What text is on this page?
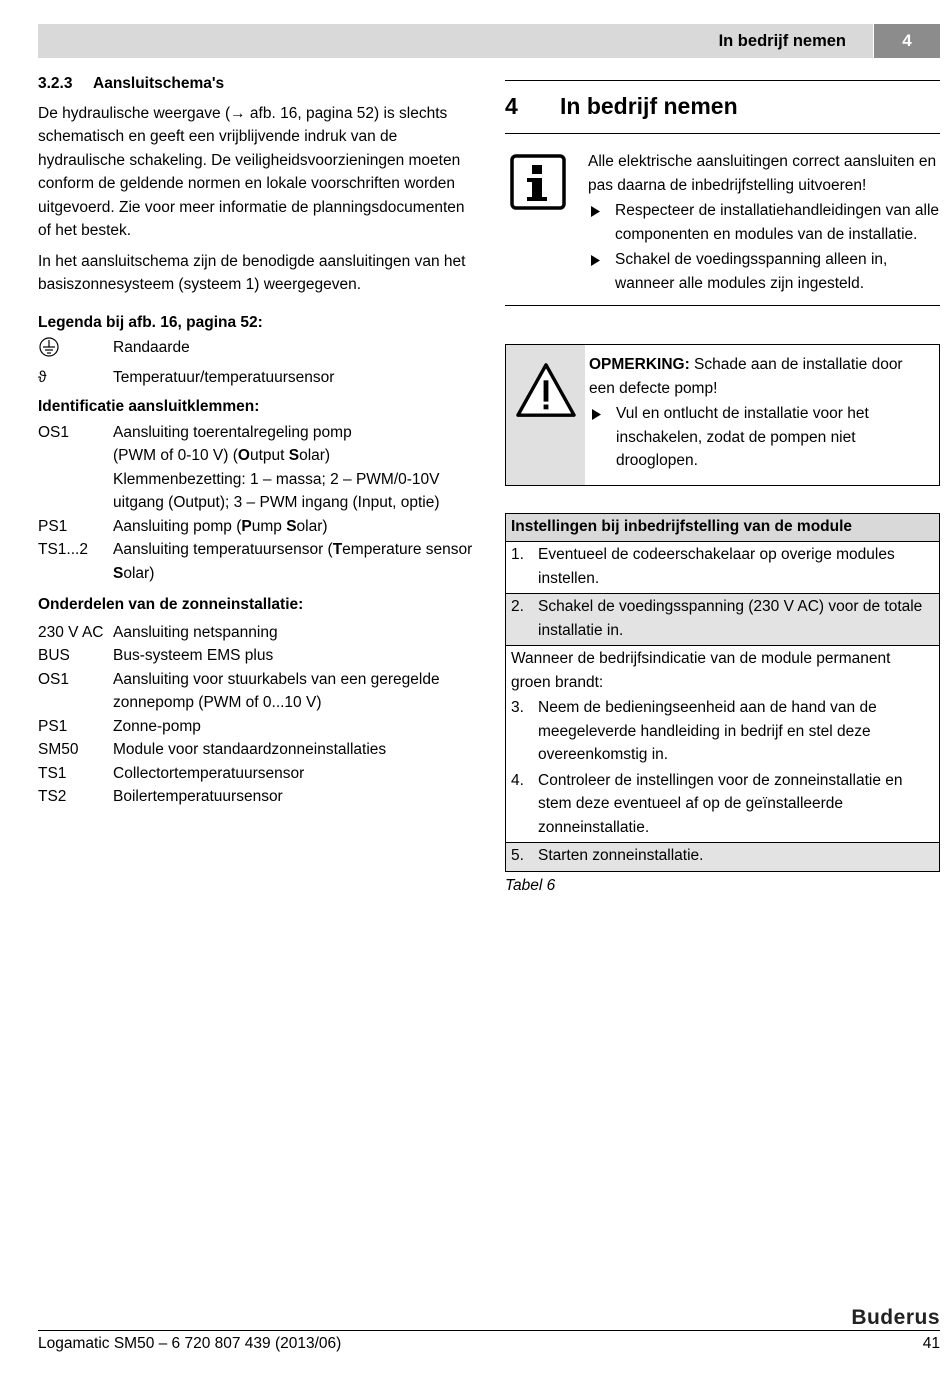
In bedrijf nemen	4
3.2.3 Aansluitschema's

De hydraulische weergave (→ afb. 16, pagina 52) is slechts schematisch en geeft een vrijblijvende indruk van de hydraulische schakeling. De veiligheidsvoorzieningen moeten conform de geldende normen en lokale voorschriften worden uitgevoerd. Zie voor meer informatie de planningsdocumenten of het bestek.

In het aansluitschema zijn de benodigde aansluitingen van het basiszonnesysteem (systeem 1) weergegeven.

Legenda bij afb. 16, pagina 52:
Randaarde
ϑ	Temperatuur/temperatuursensor
Identificatie aansluitklemmen:
OS1	Aansluiting toerentalregeling pomp
(PWM of 0-10 V) (Output Solar)
Klemmenbezetting: 1 – massa; 2 – PWM/0-10V uitgang (Output); 3 – PWM ingang (Input, optie)
PS1	Aansluiting pomp (Pump Solar)
TS1...2	Aansluiting temperatuursensor (Temperature sensor Solar)
Onderdelen van de zonneinstallatie:
230 V AC Aansluiting netspanning
BUS	Bus-systeem EMS plus
OS1	Aansluiting voor stuurkabels van een geregelde zonnepomp (PWM of 0...10 V)
PS1	Zonne-pomp
SM50	Module voor standaardzonneinstallaties
TS1	Collectortemperatuursensor
TS2	Boilertemperatuursensor
4	In bedrijf nemen
Alle elektrische aansluitingen correct aansluiten en pas daarna de inbedrijfstelling uitvoeren!
Respecteer de installatiehandleidingen van alle componenten en modules van de installatie.
Schakel de voedingsspanning alleen in, wanneer alle modules zijn ingesteld.
OPMERKING: Schade aan de installatie door een defecte pomp!
Vul en ontlucht de installatie voor het inschakelen, zodat de pompen niet drooglopen.
Instellingen bij inbedrijfstelling van de module

1. Eventueel de codeerschakelaar op overige modules instellen.

2. Schakel de voedingsspanning (230 V AC) voor de totale installatie in.

Wanneer de bedrijfsindicatie van de module permanent groen brandt:
3. Neem de bedieningseenheid aan de hand van de meegeleverde handleiding in bedrijf en stel deze overeenkomstig in.
4. Controleer de instellingen voor de zonneinstallatie en stem deze eventueel af op de geïnstalleerde zonneinstallatie.

5. Starten zonneinstallatie.
Tabel 6
Buderus
Logamatic SM50 – 6 720 807 439 (2013/06)	41
